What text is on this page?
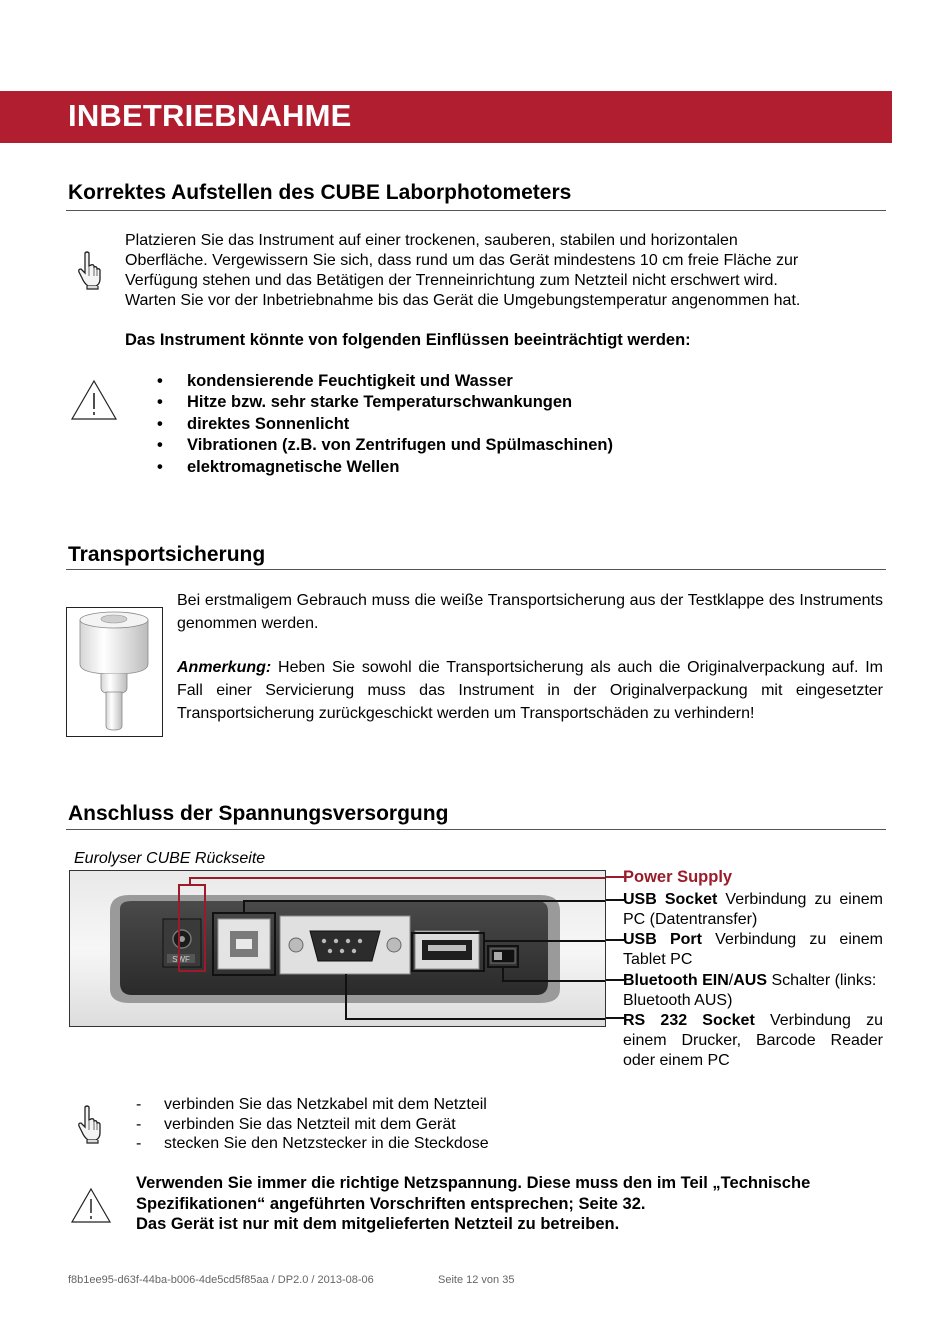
INBETRIEBNAHME
Korrektes Aufstellen des CUBE Laborphotometers
Platzieren Sie das Instrument auf einer trockenen, sauberen, stabilen und horizontalen
Oberfläche. Vergewissern Sie sich, dass rund um das Gerät mindestens 10 cm freie Fläche zur
Verfügung stehen und das Betätigen der Trenneinrichtung zum Netzteil nicht erschwert wird.
Warten Sie vor der Inbetriebnahme bis das Gerät die Umgebungstemperatur angenommen hat.
Das Instrument könnte von folgenden Einflüssen beeinträchtigt werden:
• kondensierende Feuchtigkeit und Wasser
• Hitze bzw. sehr starke Temperaturschwankungen
• direktes Sonnenlicht
• Vibrationen (z.B. von Zentrifugen und Spülmaschinen)
• elektromagnetische Wellen
Transportsicherung
Bei erstmaligem Gebrauch muss die weiße Transportsicherung aus der Testklappe des Instruments genommen werden.
Anmerkung: Heben Sie sowohl die Transportsicherung als auch die Originalverpackung auf. Im Fall einer Servicierung muss das Instrument in der Originalverpackung mit eingesetzter Transportsicherung zurückgeschickt werden um Transportschäden zu verhindern!
Anschluss der Spannungsversorgung
Eurolyser CUBE Rückseite
SWF
Power Supply
USB Socket Verbindung zu einem PC (Datentransfer)
USB Port Verbindung zu einem Tablet PC
Bluetooth EIN/AUS Schalter (links: Bluetooth AUS)
RS 232 Socket Verbindung zu einem Drucker, Barcode Reader oder einem PC
- verbinden Sie das Netzkabel mit dem Netzteil
- verbinden Sie das Netzteil mit dem Gerät
- stecken Sie den Netzstecker in die Steckdose
Verwenden Sie immer die richtige Netzspannung. Diese muss den im Teil „Technische
Spezifikationen“ angeführten Vorschriften entsprechen; Seite 32.
Das Gerät ist nur mit dem mitgelieferten Netzteil zu betreiben.
f8b1ee95-d63f-44ba-b006-4de5cd5f85aa / DP2.0 / 2013-08-06	Seite 12 von 35
